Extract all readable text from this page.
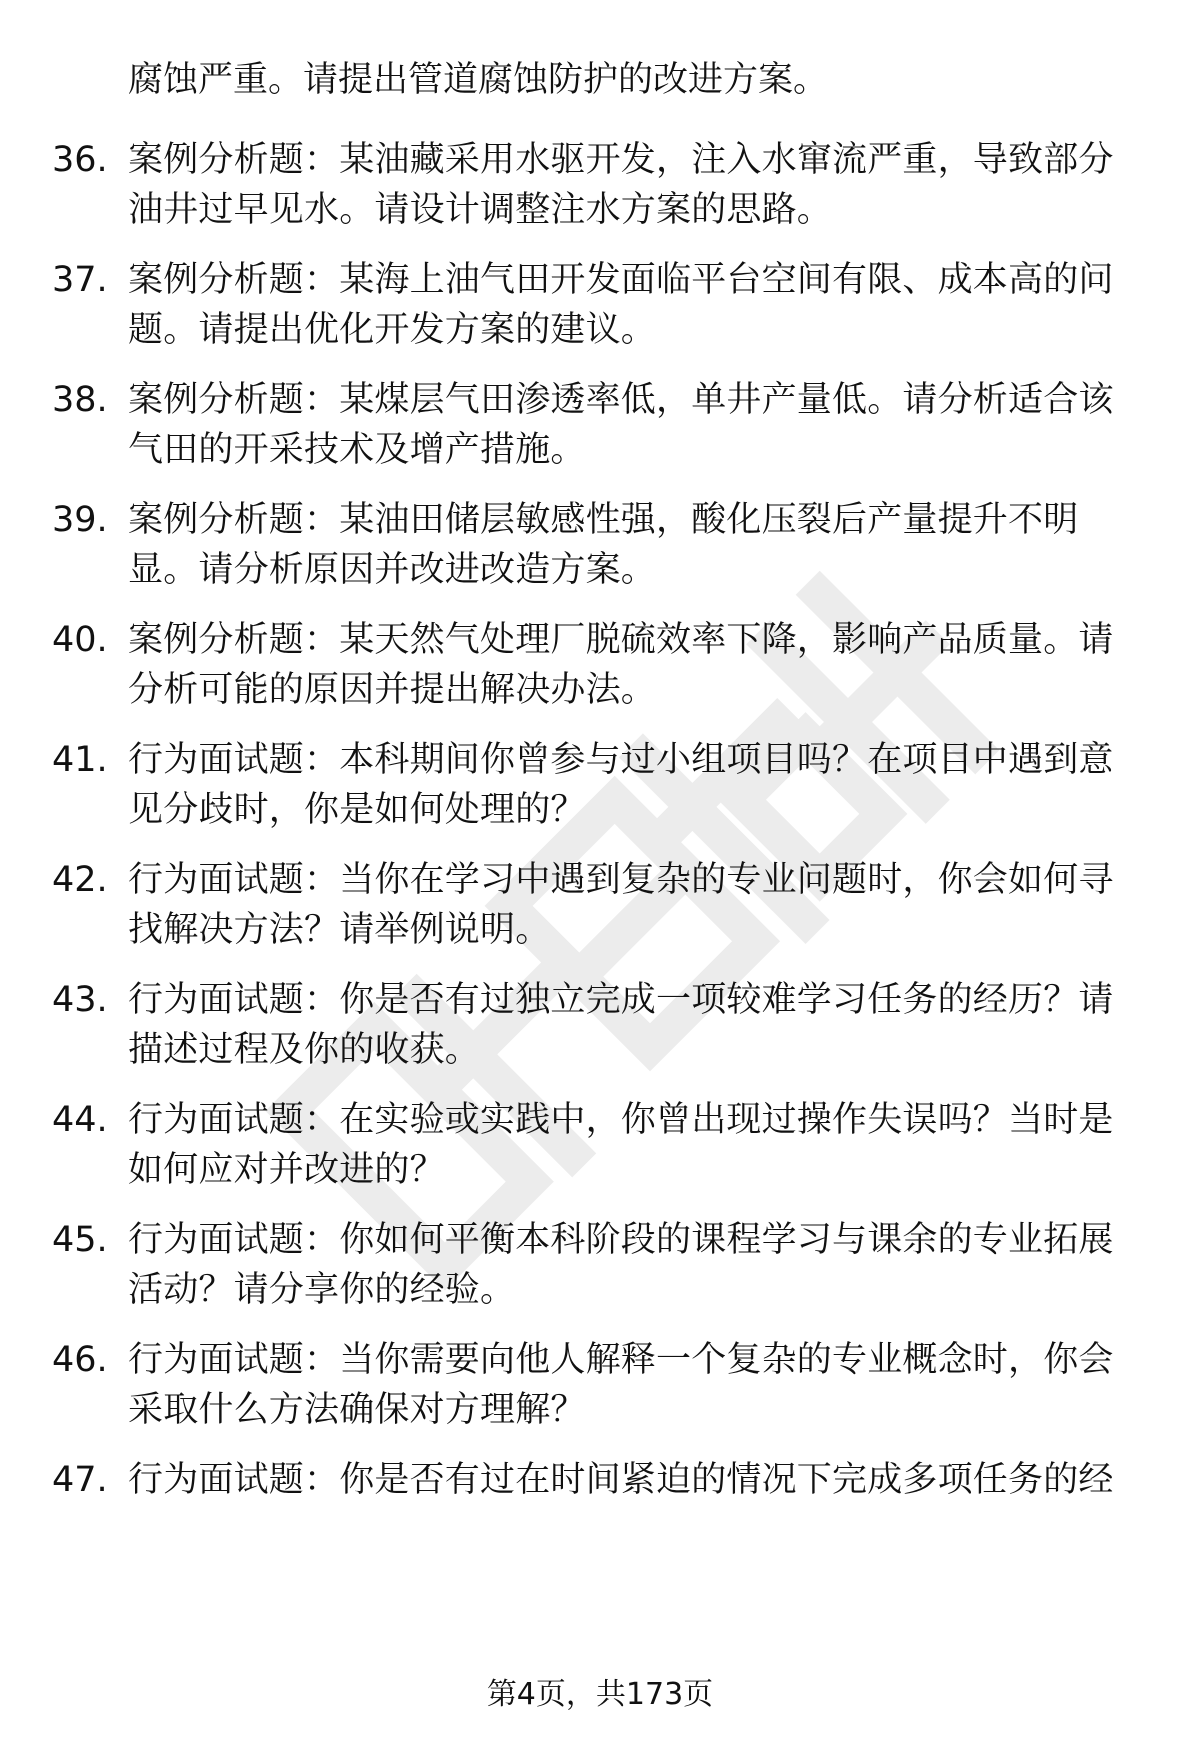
腐蚀严重。请提出管道腐蚀防护的改进方案。
36. 案例分析题：某油藏采用水驱开发，注入水窜流严重，导致部分
油井过早见水。请设计调整注水方案的思路。
37. 案例分析题：某海上油气田开发面临平台空间有限、成本高的问
题。请提出优化开发方案的建议。
38. 案例分析题：某煤层气田渗透率低，单井产量低。请分析适合该
气田的开采技术及增产措施。
39. 案例分析题：某油田储层敏感性强，酸化压裂后产量提升不明
显。请分析原因并改进改造方案。
40. 案例分析题：某天然气处理厂脱硫效率下降，影响产品质量。请
分析可能的原因并提出解决办法。
41. 行为面试题：本科期间你曾参与过小组项目吗？在项目中遇到意
见分歧时，你是如何处理的？
42. 行为面试题：当你在学习中遇到复杂的专业问题时，你会如何寻
找解决方法？请举例说明。
43. 行为面试题：你是否有过独立完成一项较难学习任务的经历？请
描述过程及你的收获。
44. 行为面试题：在实验或实践中，你曾出现过操作失误吗？当时是
如何应对并改进的？
45. 行为面试题：你如何平衡本科阶段的课程学习与课余的专业拓展
活动？请分享你的经验。
46. 行为面试题：当你需要向他人解释一个复杂的专业概念时，你会
采取什么方法确保对方理解？
47. 行为面试题：你是否有过在时间紧迫的情况下完成多项任务的经
第4页，共173页
